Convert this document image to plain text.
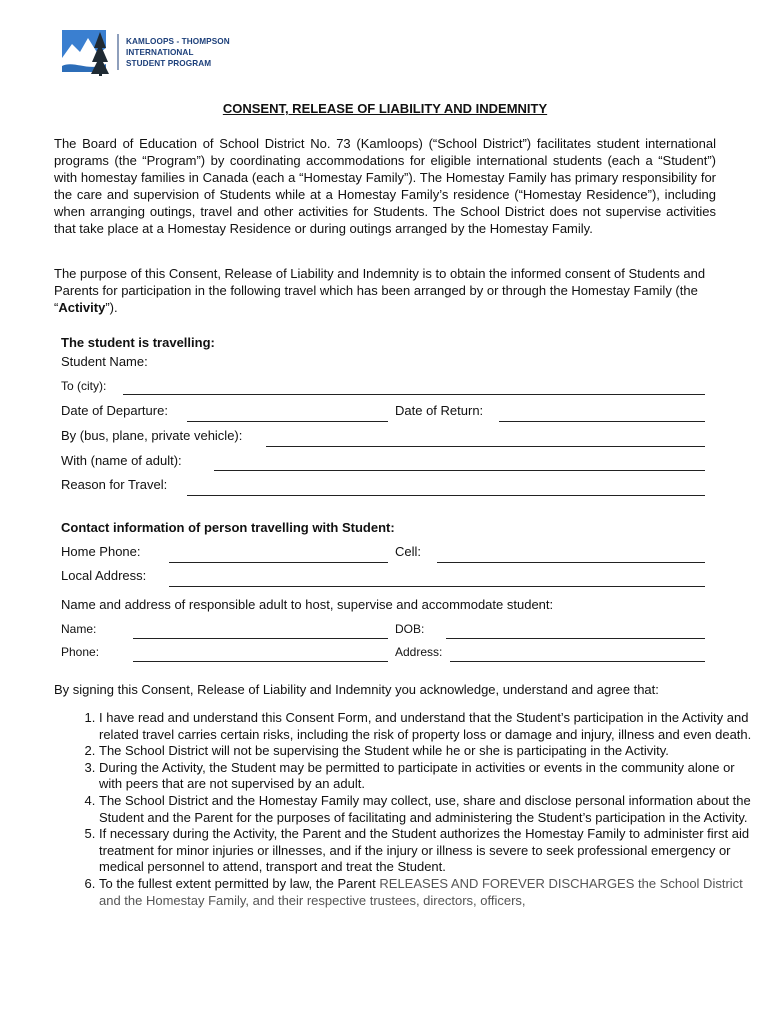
KAMLOOPS - THOMPSON
INTERNATIONAL
STUDENT PROGRAM
CONSENT, RELEASE OF LIABILITY AND INDEMNITY

The Board of Education of School District No. 73 (Kamloops) (“School District”) facilitates student international programs (the “Program”) by coordinating accommodations for eligible international students (each a “Student”) with homestay families in Canada (each a “Homestay Family”). The Homestay Family has primary responsibility for the care and supervision of Students while at a Homestay Family’s residence (“Homestay Residence”), including when arranging outings, travel and other activities for Students. The School District does not supervise activities that take place at a Homestay Residence or during outings arranged by the Homestay Family.

The purpose of this Consent, Release of Liability and Indemnity is to obtain the informed consent of Students and Parents for participation in the following travel which has been arranged by or through the Homestay Family (the “Activity”).

The student is travelling:
Student Name:
To (city):
Date of Departure:	Date of Return:
By (bus, plane, private vehicle):
With (name of adult):
Reason for Travel:
Contact information of person travelling with Student:
Home Phone:	Cell:
Local Address:
Name and address of responsible adult to host, supervise and accommodate student:
Name:	DOB:
Phone:	Address:
By signing this Consent, Release of Liability and Indemnity you acknowledge, understand and agree that:
1. I have read and understand this Consent Form, and understand that the Student’s participation in the Activity and related travel carries certain risks, including the risk of property loss or damage and injury, illness and even death.
2. The School District will not be supervising the Student while he or she is participating in the Activity.
3. During the Activity, the Student may be permitted to participate in activities or events in the community alone or with peers that are not supervised by an adult.
4. The School District and the Homestay Family may collect, use, share and disclose personal information about the Student and the Parent for the purposes of facilitating and administering the Student’s participation in the Activity.
5. If necessary during the Activity, the Parent and the Student authorizes the Homestay Family to administer first aid treatment for minor injuries or illnesses, and if the injury or illness is severe to seek professional emergency or medical personnel to attend, transport and treat the Student.
6. To the fullest extent permitted by law, the Parent RELEASES AND FOREVER DISCHARGES the School District and the Homestay Family, and their respective trustees, directors, officers,
